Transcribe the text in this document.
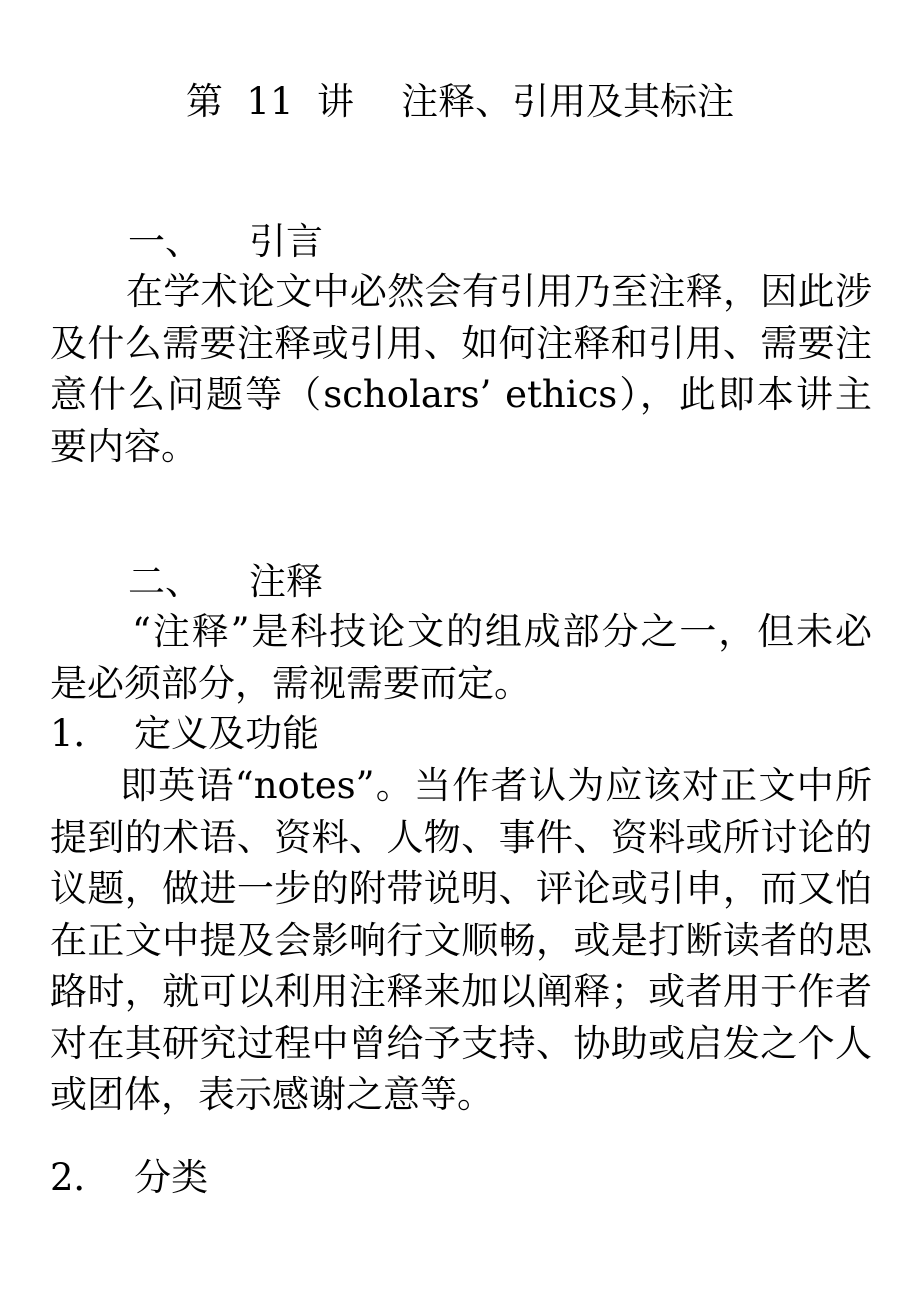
第  11  讲    注释、引用及其标注
一、    引言
在学术论文中必然会有引用乃至注释，因此涉及什么需要注释或引用、如何注释和引用、需要注意什么问题等（scholars’ ethics），此即本讲主要内容。
二、    注释
“注释”是科技论文的组成部分之一，但未必是必须部分，需视需要而定。
1．  定义及功能
即英语“notes”。当作者认为应该对正文中所提到的术语、资料、人物、事件、资料或所讨论的议题，做进一步的附带说明、评论或引申，而又怕在正文中提及会影响行文顺畅，或是打断读者的思路时，就可以利用注释来加以阐释；或者用于作者对在其研究过程中曾给予支持、协助或启发之个人或团体，表示感谢之意等。
2．  分类
